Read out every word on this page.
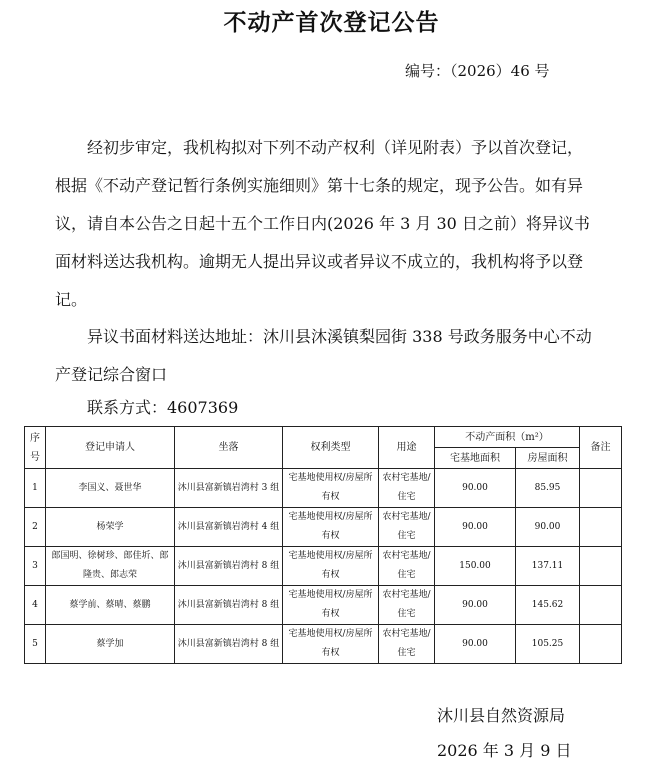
不动产首次登记公告
编号：（2026）46 号

经初步审定，我机构拟对下列不动产权利（详见附表）予以首次登记，根据《不动产登记暂行条例实施细则》第十七条的规定，现予公告。如有异议，请自本公告之日起十五个工作日内(2026 年 3 月 30 日之前）将异议书面材料送达我机构。逾期无人提出异议或者异议不成立的，我机构将予以登记。

异议书面材料送达地址：沐川县沐溪镇梨园街 338 号政务服务中心不动产登记综合窗口

联系方式：4607369
序号	登记申请人	坐落	权利类型	用途	不动产面积（m²）		备注
					宅基地面积	房屋面积	
1	李国义、聂世华	沐川县富新镇岩湾村 3 组	宅基地使用权/房屋所有权	农村宅基地/住宅	90.00	85.95	
2	杨荣学	沐川县富新镇岩湾村 4 组	宅基地使用权/房屋所有权	农村宅基地/住宅	90.00	90.00	
3	郎国明、徐树珍、郎佳圻、郎隆贵、郎志荣	沐川县富新镇岩湾村 8 组	宅基地使用权/房屋所有权	农村宅基地/住宅	150.00	137.11	
4	蔡学前、蔡晴、蔡鹏	沐川县富新镇岩湾村 8 组	宅基地使用权/房屋所有权	农村宅基地/住宅	90.00	145.62	
5	蔡学加	沐川县富新镇岩湾村 8 组	宅基地使用权/房屋所有权	农村宅基地/住宅	90.00	105.25	
沐川县自然资源局
2026 年 3 月 9 日
